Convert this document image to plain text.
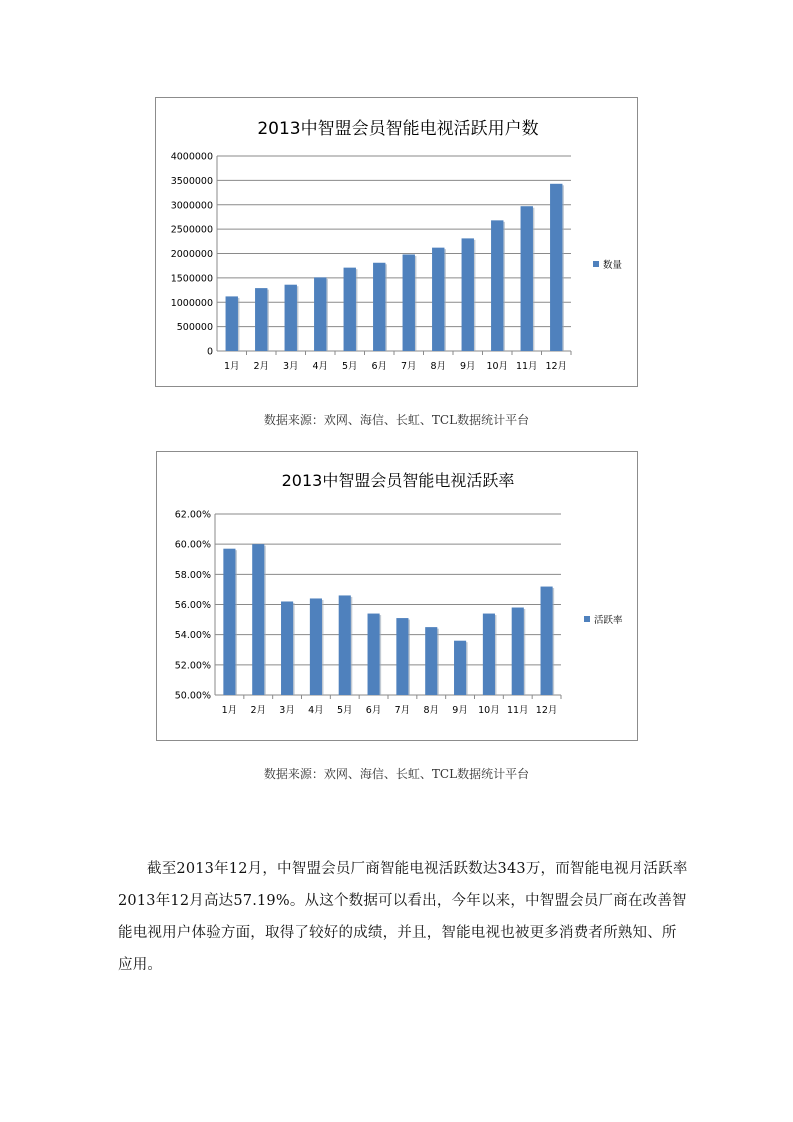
2013中智盟会员智能电视活跃用户数
0
500000
1000000
1500000
2000000
2500000
3000000
3500000
4000000
1月 2月 3月 4月 5月 6月 7月 8月 9月 10月 11月 12月
数量
数据来源：欢网、海信、长虹、TCL数据统计平台
2013中智盟会员智能电视活跃率
50.00%
52.00%
54.00%
56.00%
58.00%
60.00%
62.00%
1月 2月 3月 4月 5月 6月 7月 8月 9月 10月 11月 12月
活跃率
数据来源：欢网、海信、长虹、TCL数据统计平台

截至2013年12月，中智盟会员厂商智能电视活跃数达343万，而智能电视月活跃率2013年12月高达57.19%。从这个数据可以看出，今年以来，中智盟会员厂商在改善智能电视用户体验方面，取得了较好的成绩，并且，智能电视也被更多消费者所熟知、所应用。
